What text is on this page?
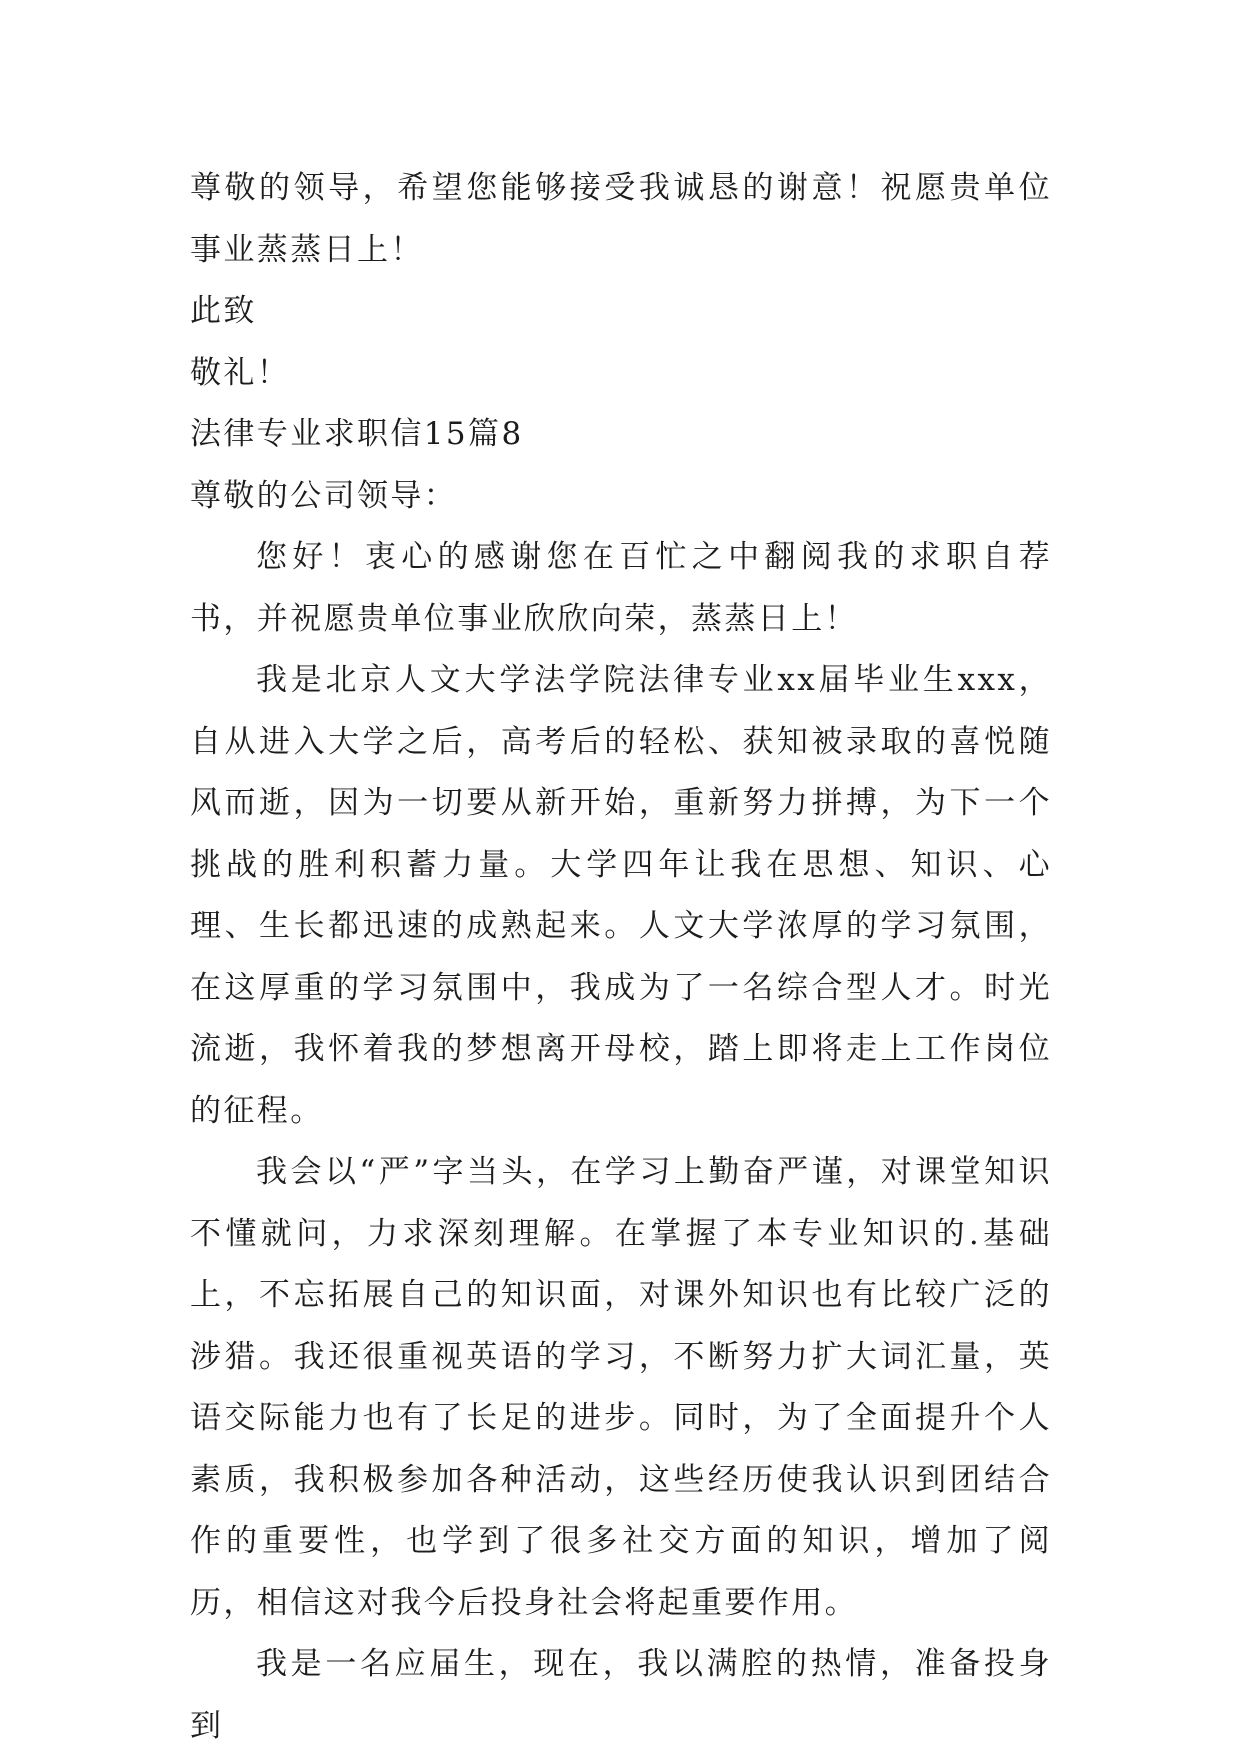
尊敬的领导，希望您能够接受我诚恳的谢意！祝愿贵单位事业蒸蒸日上！

此致

敬礼！

法律专业求职信15篇8

尊敬的公司领导：

您好！衷心的感谢您在百忙之中翻阅我的求职自荐书，并祝愿贵单位事业欣欣向荣，蒸蒸日上！

我是北京人文大学法学院法律专业xx届毕业生xxx，自从进入大学之后，高考后的轻松、获知被录取的喜悦随风而逝，因为一切要从新开始，重新努力拼搏，为下一个挑战的胜利积蓄力量。大学四年让我在思想、知识、心理、生长都迅速的成熟起来。人文大学浓厚的学习氛围，在这厚重的学习氛围中，我成为了一名综合型人才。时光流逝，我怀着我的梦想离开母校，踏上即将走上工作岗位的征程。

我会以“严”字当头，在学习上勤奋严谨，对课堂知识不懂就问，力求深刻理解。在掌握了本专业知识的.基础上，不忘拓展自己的知识面，对课外知识也有比较广泛的涉猎。我还很重视英语的学习，不断努力扩大词汇量，英语交际能力也有了长足的进步。同时，为了全面提升个人素质，我积极参加各种活动，这些经历使我认识到团结合作的重要性，也学到了很多社交方面的知识，增加了阅历，相信这对我今后投身社会将起重要作用。

我是一名应届生，现在，我以满腔的热情，准备投身到
